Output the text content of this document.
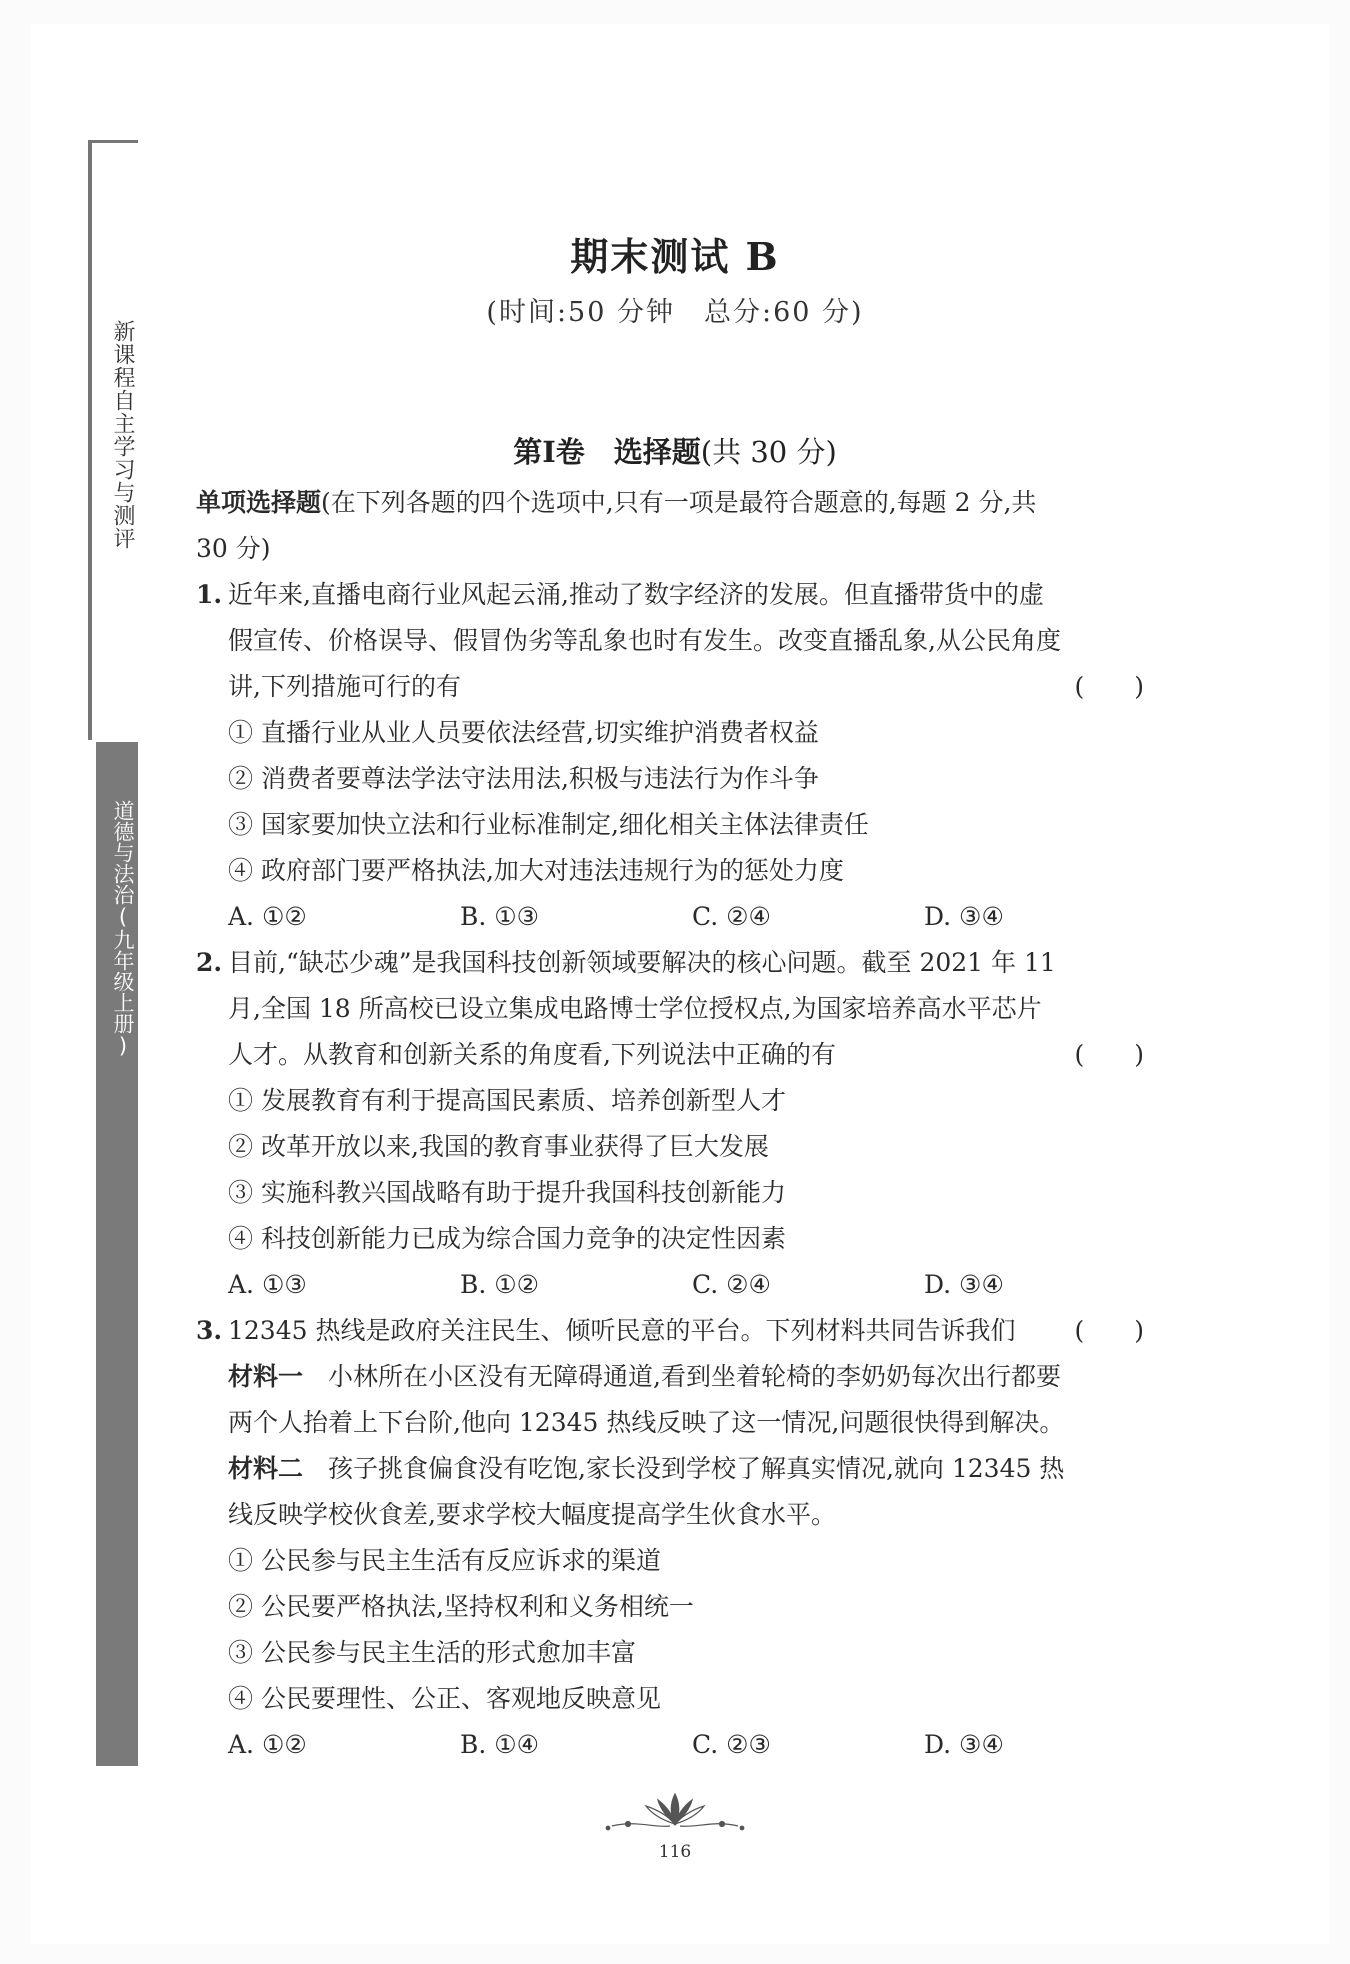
新课程自主学习与测评
道德与法治(九年级上册)
期末测试 B
(时间:50 分钟　总分:60 分)
第Ⅰ卷　选择题(共 30 分)
单项选择题(在下列各题的四个选项中,只有一项是最符合题意的,每题 2 分,共
30 分)
1. 近年来,直播电商行业风起云涌,推动了数字经济的发展。但直播带货中的虚
假宣传、价格误导、假冒伪劣等乱象也时有发生。改变直播乱象,从公民角度
讲,下列措施可行的有	(　　)
① 直播行业从业人员要依法经营,切实维护消费者权益
② 消费者要尊法学法守法用法,积极与违法行为作斗争
③ 国家要加快立法和行业标准制定,细化相关主体法律责任
④ 政府部门要严格执法,加大对违法违规行为的惩处力度
A. ①②	B. ①③	C. ②④	D. ③④
2. 目前,“缺芯少魂”是我国科技创新领域要解决的核心问题。截至 2021 年 11
月,全国 18 所高校已设立集成电路博士学位授权点,为国家培养高水平芯片
人才。从教育和创新关系的角度看,下列说法中正确的有	(　　)
① 发展教育有利于提高国民素质、培养创新型人才
② 改革开放以来,我国的教育事业获得了巨大发展
③ 实施科教兴国战略有助于提升我国科技创新能力
④ 科技创新能力已成为综合国力竞争的决定性因素
A. ①③	B. ①②	C. ②④	D. ③④
3. 12345 热线是政府关注民生、倾听民意的平台。下列材料共同告诉我们 (　　)
材料一　小林所在小区没有无障碍通道,看到坐着轮椅的李奶奶每次出行都要
两个人抬着上下台阶,他向 12345 热线反映了这一情况,问题很快得到解决。
材料二　孩子挑食偏食没有吃饱,家长没到学校了解真实情况,就向 12345 热
线反映学校伙食差,要求学校大幅度提高学生伙食水平。
① 公民参与民主生活有反应诉求的渠道
② 公民要严格执法,坚持权利和义务相统一
③ 公民参与民主生活的形式愈加丰富
④ 公民要理性、公正、客观地反映意见
A. ①②	B. ①④	C. ②③	D. ③④
116
